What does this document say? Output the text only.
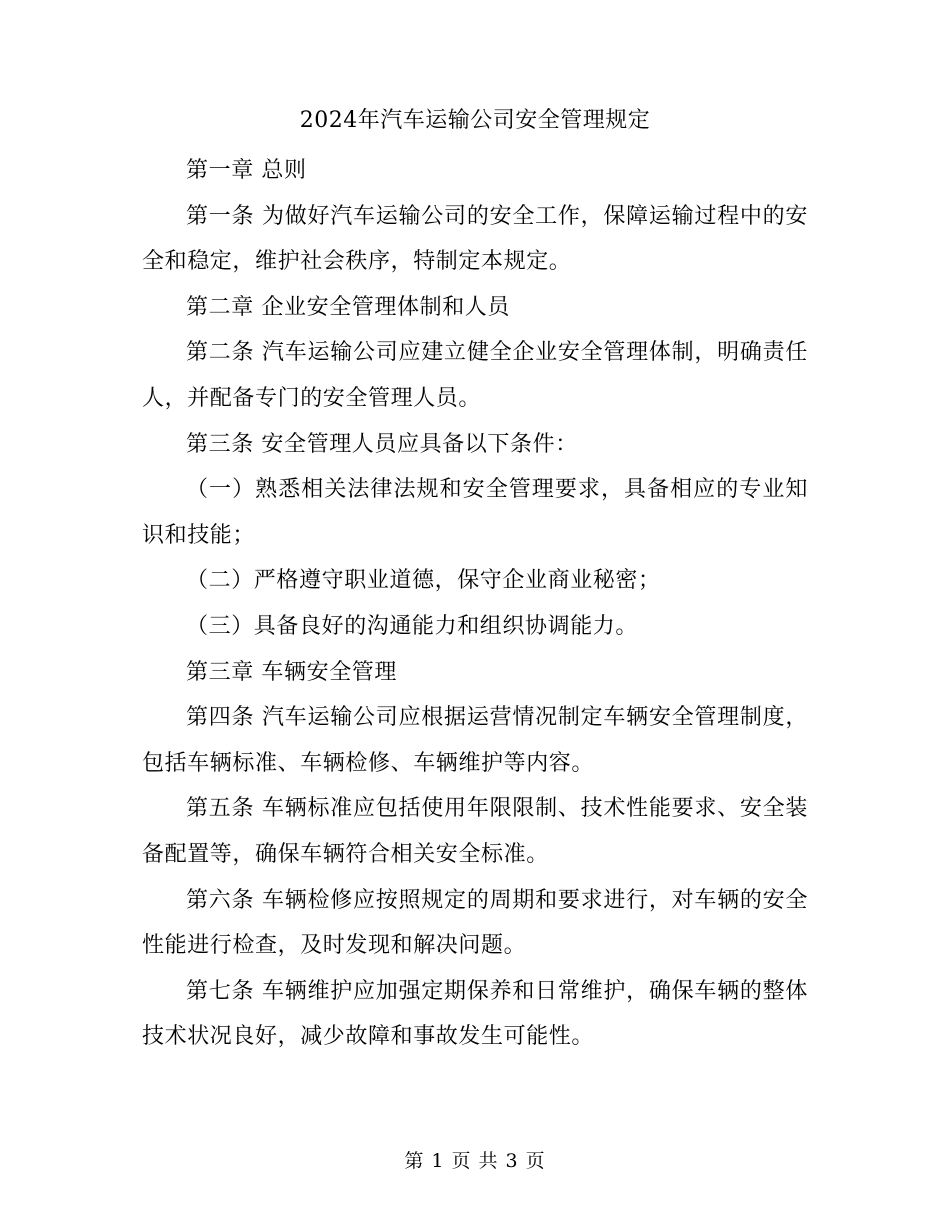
2024年汽车运输公司安全管理规定

第一章 总则

第一条 为做好汽车运输公司的安全工作，保障运输过程中的安全和稳定，维护社会秩序，特制定本规定。

第二章 企业安全管理体制和人员

第二条 汽车运输公司应建立健全企业安全管理体制，明确责任人，并配备专门的安全管理人员。

第三条 安全管理人员应具备以下条件：

（一）熟悉相关法律法规和安全管理要求，具备相应的专业知识和技能；

（二）严格遵守职业道德，保守企业商业秘密；

（三）具备良好的沟通能力和组织协调能力。

第三章 车辆安全管理

第四条 汽车运输公司应根据运营情况制定车辆安全管理制度，包括车辆标准、车辆检修、车辆维护等内容。

第五条 车辆标准应包括使用年限限制、技术性能要求、安全装备配置等，确保车辆符合相关安全标准。

第六条 车辆检修应按照规定的周期和要求进行，对车辆的安全性能进行检查，及时发现和解决问题。

第七条 车辆维护应加强定期保养和日常维护，确保车辆的整体技术状况良好，减少故障和事故发生可能性。

第 1 页 共 3 页
